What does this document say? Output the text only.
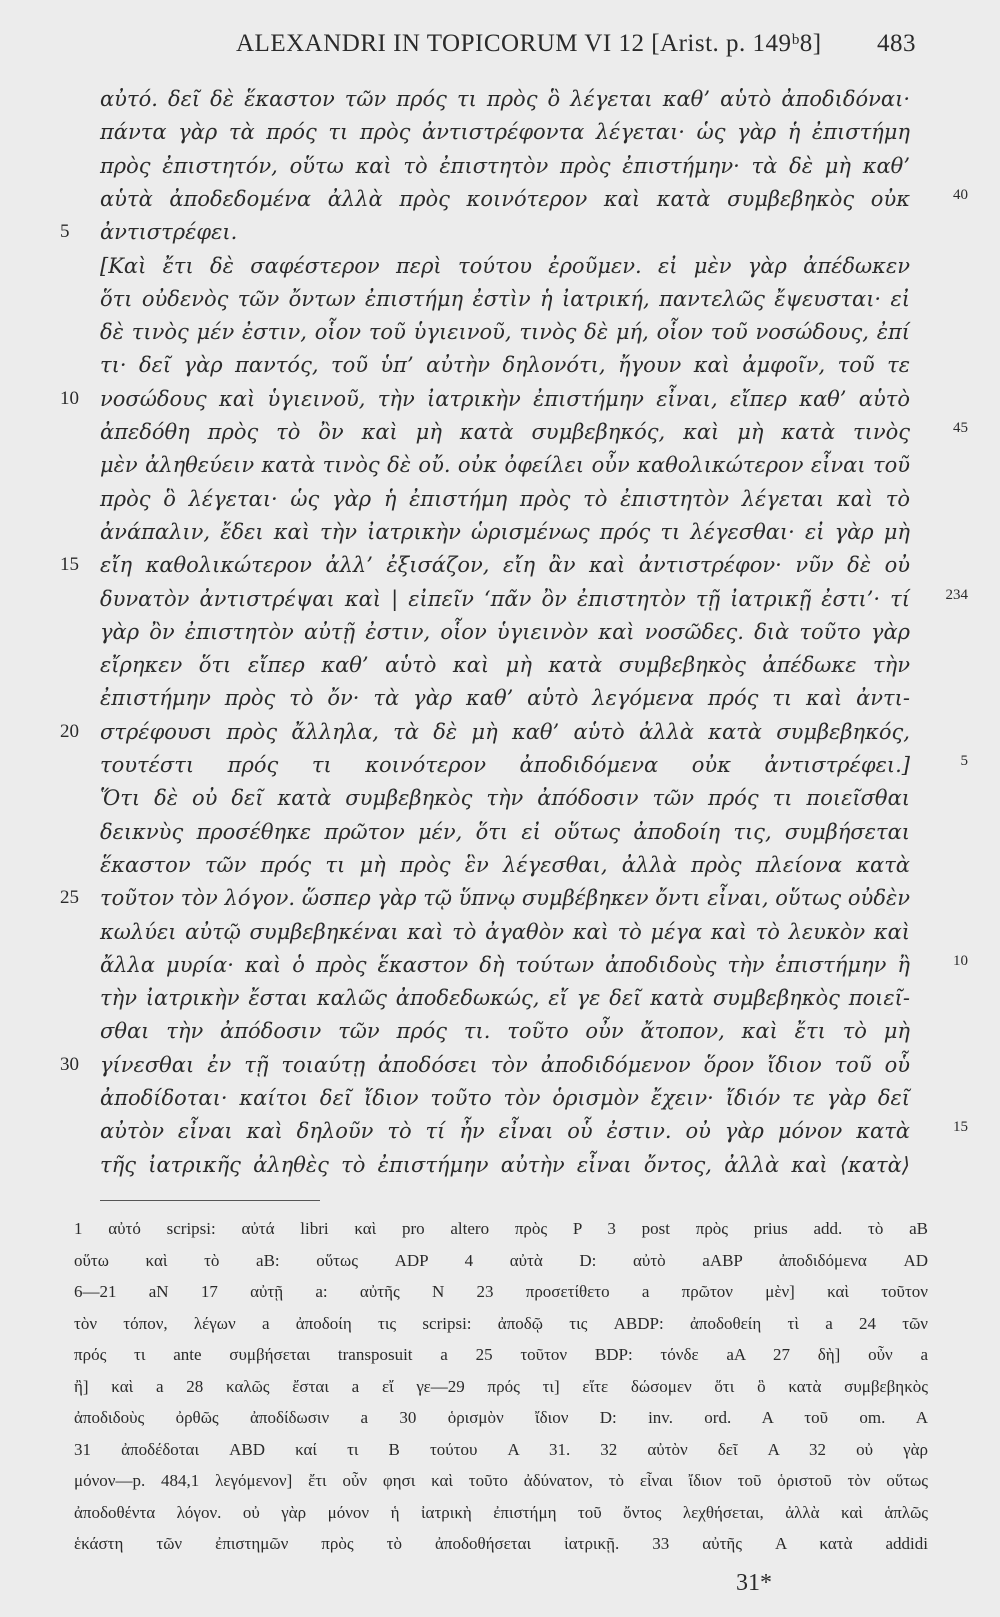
ALEXANDRI IN TOPICORUM VI 12 [Arist. p. 149ᵇ8] 483
αὐτό. δεῖ δὲ ἕκαστον τῶν πρός τι πρὸς ὃ λέγεται καθ’ αὑτὸ ἀποδιδόναι·
πάντα γὰρ τὰ πρός τι πρὸς ἀντιστρέφοντα λέγεται· ὡς γὰρ ἡ ἐπιστήμη
πρὸς ἐπιστητόν, οὕτω καὶ τὸ ἐπιστητὸν πρὸς ἐπιστήμην· τὰ δὲ μὴ καθ’
αὑτὰ ἀποδεδομένα ἀλλὰ πρὸς κοινότερον καὶ κατὰ συμβεβηκὸς οὐκ	40
ἀντιστρέφει.
5
[Καὶ ἔτι δὲ σαφέστερον περὶ τούτου ἐροῦμεν. εἰ μὲν γὰρ ἀπέδωκεν
ὅτι οὐδενὸς τῶν ὄντων ἐπιστήμη ἐστὶν ἡ ἰατρική, παντελῶς ἔψευσται· εἰ
δὲ τινὸς μέν ἐστιν, οἷον τοῦ ὑγιεινοῦ, τινὸς δὲ μή, οἷον τοῦ νοσώδους, ἐπί
τι· δεῖ γὰρ παντός, τοῦ ὑπ’ αὐτὴν δηλονότι, ἤγουν καὶ ἀμφοῖν, τοῦ τε
νοσώδους καὶ ὑγιεινοῦ, τὴν ἰατρικὴν ἐπιστήμην εἶναι, εἴπερ καθ’ αὑτὸ
10
ἀπεδόθη πρὸς τὸ ὂν καὶ μὴ κατὰ συμβεβηκός, καὶ μὴ κατὰ τινὸς	45
μὲν ἀληθεύειν κατὰ τινὸς δὲ οὔ. οὐκ ὀφείλει οὖν καθολικώτερον εἶναι τοῦ
πρὸς ὃ λέγεται· ὡς γὰρ ἡ ἐπιστήμη πρὸς τὸ ἐπιστητὸν λέγεται καὶ τὸ
ἀνάπαλιν, ἔδει καὶ τὴν ἰατρικὴν ὡρισμένως πρός τι λέγεσθαι· εἰ γὰρ μὴ
εἴη καθολικώτερον ἀλλ’ ἐξισάζον, εἴη ἂν καὶ ἀντιστρέφον· νῦν δὲ οὐ
15
δυνατὸν ἀντιστρέψαι καὶ | εἰπεῖν ‘πᾶν ὂν ἐπιστητὸν τῇ ἰατρικῇ ἐστι’· τί 234
γὰρ ὂν ἐπιστητὸν αὐτῇ ἐστιν, οἷον ὑγιεινὸν καὶ νοσῶδες. διὰ τοῦτο γὰρ
εἴρηκεν ὅτι εἴπερ καθ’ αὑτὸ καὶ μὴ κατὰ συμβεβηκὸς ἀπέδωκε τὴν
ἐπιστήμην πρὸς τὸ ὄν· τὰ γὰρ καθ’ αὑτὸ λεγόμενα πρός τι καὶ ἀντι-
στρέφουσι πρὸς ἄλληλα, τὰ δὲ μὴ καθ’ αὑτὸ ἀλλὰ κατὰ συμβεβηκός,
20
τουτέστι πρός τι κοινότερον ἀποδιδόμενα οὐκ ἀντιστρέφει.]	5
Ὅτι δὲ οὐ δεῖ κατὰ συμβεβηκὸς τὴν ἀπόδοσιν τῶν πρός τι ποιεῖσθαι
δεικνὺς προσέθηκε πρῶτον μέν, ὅτι εἰ οὕτως ἀποδοίη τις, συμβήσεται
ἕκαστον τῶν πρός τι μὴ πρὸς ἓν λέγεσθαι, ἀλλὰ πρὸς πλείονα κατὰ
τοῦτον τὸν λόγον. ὥσπερ γὰρ τῷ ὕπνῳ συμβέβηκεν ὄντι εἶναι, οὕτως οὐδὲν
25
κωλύει αὐτῷ συμβεβηκέναι καὶ τὸ ἀγαθὸν καὶ τὸ μέγα καὶ τὸ λευκὸν καὶ
ἄλλα μυρία· καὶ ὁ πρὸς ἕκαστον δὴ τούτων ἀποδιδοὺς τὴν ἐπιστήμην ἢ	10
τὴν ἰατρικὴν ἔσται καλῶς ἀποδεδωκώς, εἴ γε δεῖ κατὰ συμβεβηκὸς ποιεῖ-
σθαι τὴν ἀπόδοσιν τῶν πρός τι. τοῦτο οὖν ἄτοπον, καὶ ἔτι τὸ μὴ
γίνεσθαι ἐν τῇ τοιαύτῃ ἀποδόσει τὸν ἀποδιδόμενον ὅρον ἴδιον τοῦ οὗ
30
ἀποδίδοται· καίτοι δεῖ ἴδιον τοῦτο τὸν ὁρισμὸν ἔχειν· ἴδιόν τε γὰρ δεῖ
αὐτὸν εἶναι καὶ δηλοῦν τὸ τί ἦν εἶναι οὗ ἐστιν. οὐ γὰρ μόνον κατὰ	15
τῆς ἰατρικῆς ἀληθὲς τὸ ἐπιστήμην αὐτὴν εἶναι ὄντος, ἀλλὰ καὶ ⟨κατὰ⟩
1 αὐτό scripsi: αὐτά libri καὶ pro altero πρὸς P 3 post πρὸς prius add. τὸ aB
οὕτω καὶ τὸ aB: οὕτως ADP 4 αὐτὰ D: αὐτὸ aABP ἀποδιδόμενα AD
6—21 aN 17 αὐτῇ a: αὐτῆς N 23 προσετίθετο a πρῶτον μὲν] καὶ τοῦτον
τὸν τόπον, λέγων a ἀποδοίη τις scripsi: ἀποδῷ τις ABDP: ἀποδοθείη τὶ a 24 τῶν
πρός τι ante συμβήσεται transposuit a 25 τοῦτον BDP: τόνδε aA 27 δὴ] οὖν a
ἢ] καὶ a 28 καλῶς ἔσται a εἴ γε—29 πρός τι] εἴτε δώσομεν ὅτι ὃ κατὰ συμβεβηκὸς
ἀποδιδοὺς ὀρθῶς ἀποδίδωσιν a 30 ὁρισμὸν ἴδιον D: inv. ord. A τοῦ om. A
31 ἀποδέδοται ABD καί τι B τούτου A 31. 32 αὐτὸν δεῖ A 32 οὐ γὰρ
μόνον—p. 484,1 λεγόμενον] ἔτι οὖν φησι καὶ τοῦτο ἀδύνατον, τὸ εἶναι ἴδιον τοῦ ὁριστοῦ τὸν οὕτως
ἀποδοθέντα λόγον. οὐ γὰρ μόνον ἡ ἰατρικὴ ἐπιστήμη τοῦ ὄντος λεχθήσεται, ἀλλὰ καὶ ἁπλῶς
ἑκάστη τῶν ἐπιστημῶν πρὸς τὸ ἀποδοθήσεται ἰατρικῇ. 33 αὐτῆς A κατὰ addidi
31*
